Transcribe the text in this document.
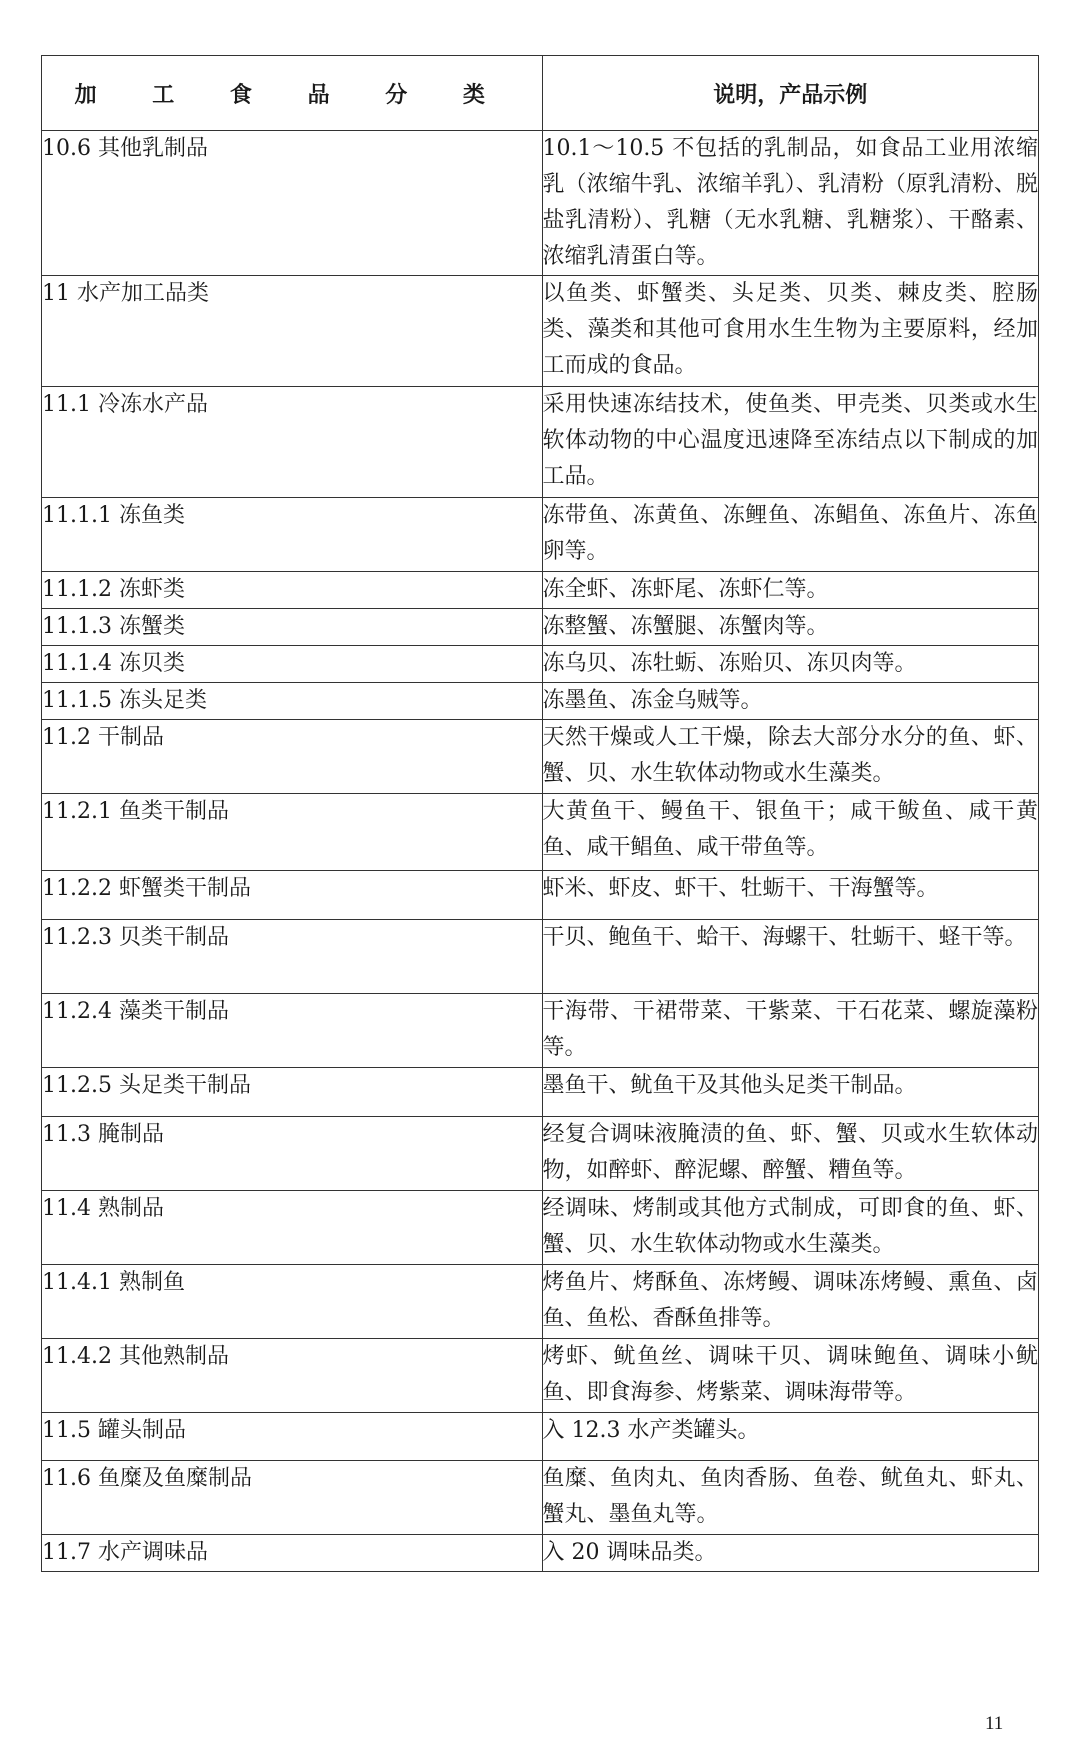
加 工 食 品 分 类	说明，产品示例
10.6 其他乳制品	10.1～10.5 不包括的乳制品，如食品工业用浓缩乳（浓缩牛乳、浓缩羊乳）、乳清粉（原乳清粉、脱盐乳清粉）、乳糖（无水乳糖、乳糖浆）、干酪素、浓缩乳清蛋白等。
11 水产加工品类	以鱼类、虾蟹类、头足类、贝类、棘皮类、腔肠类、藻类和其他可食用水生生物为主要原料，经加工而成的食品。
11.1 冷冻水产品	采用快速冻结技术，使鱼类、甲壳类、贝类或水生软体动物的中心温度迅速降至冻结点以下制成的加工品。
11.1.1 冻鱼类	冻带鱼、冻黄鱼、冻鲤鱼、冻鲳鱼、冻鱼片、冻鱼卵等。
11.1.2 冻虾类	冻全虾、冻虾尾、冻虾仁等。
11.1.3 冻蟹类	冻整蟹、冻蟹腿、冻蟹肉等。
11.1.4 冻贝类	冻乌贝、冻牡蛎、冻贻贝、冻贝肉等。
11.1.5 冻头足类	冻墨鱼、冻金乌贼等。
11.2 干制品	天然干燥或人工干燥，除去大部分水分的鱼、虾、蟹、贝、水生软体动物或水生藻类。
11.2.1 鱼类干制品	大黄鱼干、鳗鱼干、银鱼干；咸干鲅鱼、咸干黄鱼、咸干鲳鱼、咸干带鱼等。
11.2.2 虾蟹类干制品	虾米、虾皮、虾干、牡蛎干、干海蟹等。
11.2.3 贝类干制品	干贝、鲍鱼干、蛤干、海螺干、牡蛎干、蛏干等。
11.2.4 藻类干制品	干海带、干裙带菜、干紫菜、干石花菜、螺旋藻粉等。
11.2.5 头足类干制品	墨鱼干、鱿鱼干及其他头足类干制品。
11.3 腌制品	经复合调味液腌渍的鱼、虾、蟹、贝或水生软体动物，如醉虾、醉泥螺、醉蟹、糟鱼等。
11.4 熟制品	经调味、烤制或其他方式制成，可即食的鱼、虾、蟹、贝、水生软体动物或水生藻类。
11.4.1 熟制鱼	烤鱼片、烤酥鱼、冻烤鳗、调味冻烤鳗、熏鱼、卤鱼、鱼松、香酥鱼排等。
11.4.2 其他熟制品	烤虾、鱿鱼丝、调味干贝、调味鲍鱼、调味小鱿鱼、即食海参、烤紫菜、调味海带等。
11.5 罐头制品	入 12.3 水产类罐头。
11.6 鱼糜及鱼糜制品	鱼糜、鱼肉丸、鱼肉香肠、鱼卷、鱿鱼丸、虾丸、蟹丸、墨鱼丸等。
11.7 水产调味品	入 20 调味品类。
11
